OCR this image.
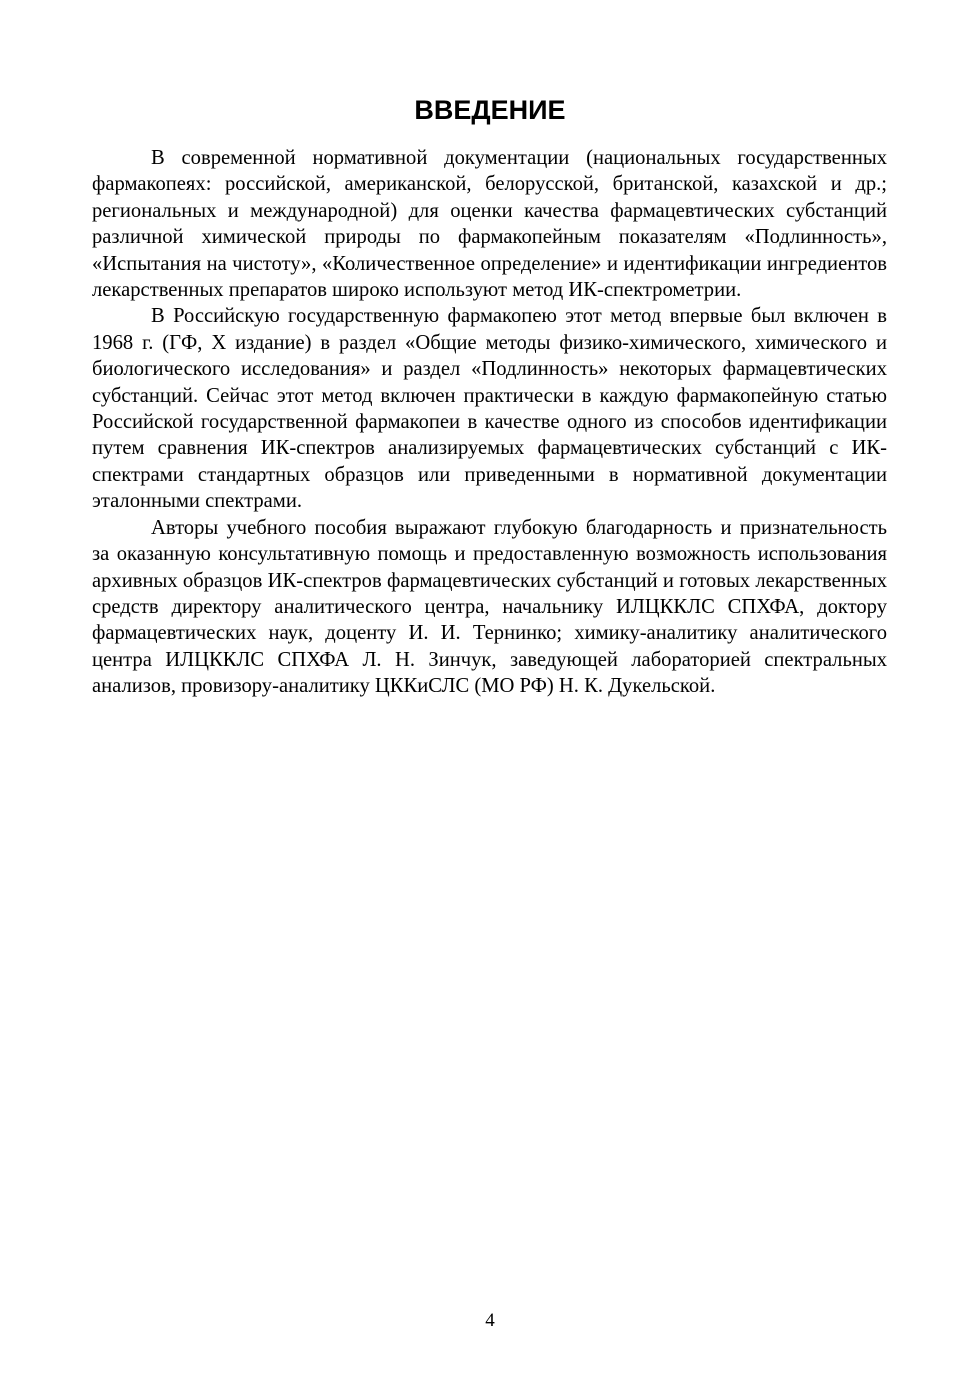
ВВЕДЕНИЕ

В современной нормативной документации (национальных государственных фармакопеях: российской, американской, белорусской, британской, казахской и др.; региональных и международной) для оценки качества фармацевтических субстанций различной химической природы по фармакопейным показателям «Подлинность», «Испытания на чистоту», «Количественное определение» и идентификации ингредиентов лекарственных препаратов широко используют метод ИК-спектрометрии.

В Российскую государственную фармакопею этот метод впервые был включен в 1968 г. (ГФ, X издание) в раздел «Общие методы физико-химического, химического и биологического исследования» и раздел «Подлинность» некоторых фармацевтических субстанций. Сейчас этот метод включен практически в каждую фармакопейную статью Российской государственной фармакопеи в качестве одного из способов идентификации путем сравнения ИК-​спектров анализируемых фармацевтических субстанций с ИК-спектрами стандартных образцов или приведенными в нормативной документации эталонными спектрами.

Авторы учебного пособия выражают глубокую благодарность и признательность за оказанную консультативную помощь и предоставленную возможность использования архивных образцов ИК-спектров фармацевтических субстанций и готовых лекарственных средств директору аналитического центра, начальнику ИЛЦККЛС СПХФА, доктору фармацевтических наук, доценту И. И. Тернинко; химику-аналитику аналитического центра ИЛЦККЛС СПХФА Л. Н. Зинчук, заведующей лабораторией спектральных анализов, провизору-​аналитику ЦККиСЛС (МО РФ) Н. К. Дукельской.

4
